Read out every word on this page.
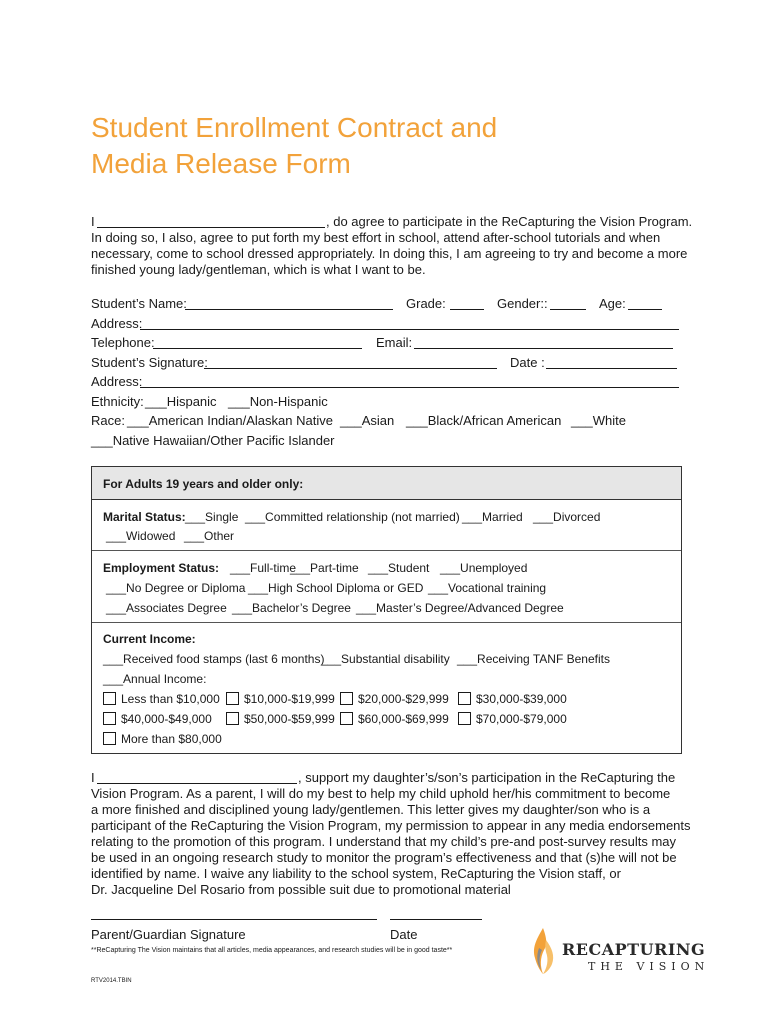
Student Enrollment Contract and
Media Release Form
I	, do agree to participate in the ReCapturing the Vision Program.
In doing so, I also, agree to put forth my best effort in school, attend after-school tutorials and when
necessary, come to school dressed appropriately. In doing this, I am agreeing to try and become a more
finished young lady/gentleman, which is what I want to be.
Student’s Name:	Grade:	Gender::	Age:
Address:
Telephone:	Email:
Student’s Signature:	Date :
Address:
Ethnicity: ___Hispanic ___Non-Hispanic
Race: ___American Indian/Alaskan Native ___Asian ___Black/African American ___White
___Native Hawaiian/Other Pacific Islander
For Adults 19 years and older only:
Marital Status: ___Single ___Committed relationship (not married) ___Married ___Divorced
___Widowed ___Other
Employment Status: ___Full-time
___Part-time ___Student ___Unemployed
___No Degree or Diploma ___High School Diploma or GED ___Vocational training
___Associates Degree ___Bachelor’s Degree ___Master’s Degree/Advanced Degree
Current Income:
___Received food stamps (last 6 months)
___Substantial disability ___Receiving TANF Benefits
___Annual Income:
Less than $10,000	$10,000-$19,999	$20,000-$29,999	$30,000-$39,000
$40,000-$49,000	$50,000-$59,999	$60,000-$69,999	$70,000-$79,000
More than $80,000
I	, support my daughter’s/son’s participation in the ReCapturing the
Vision Program. As a parent, I will do my best to help my child uphold her/his commitment to become
a more finished and disciplined young lady/gentlemen. This letter gives my daughter/son who is a
participant of the ReCapturing the Vision Program, my permission to appear in any media endorsements
relating to the promotion of this program. I understand that my child’s pre-and post-survey results may
be used in an ongoing research study to monitor the program’s effectiveness and that (s)he will not be
identified by name. I waive any liability to the school system, ReCapturing the Vision staff, or
Dr. Jacqueline Del Rosario from possible suit due to promotional material
Parent/Guardian Signature	Date
**ReCapturing The Vision maintains that all articles, media appearances, and research studies will be in good taste**
RTV2014.TBIN
RECAPTURING
THE VISION
